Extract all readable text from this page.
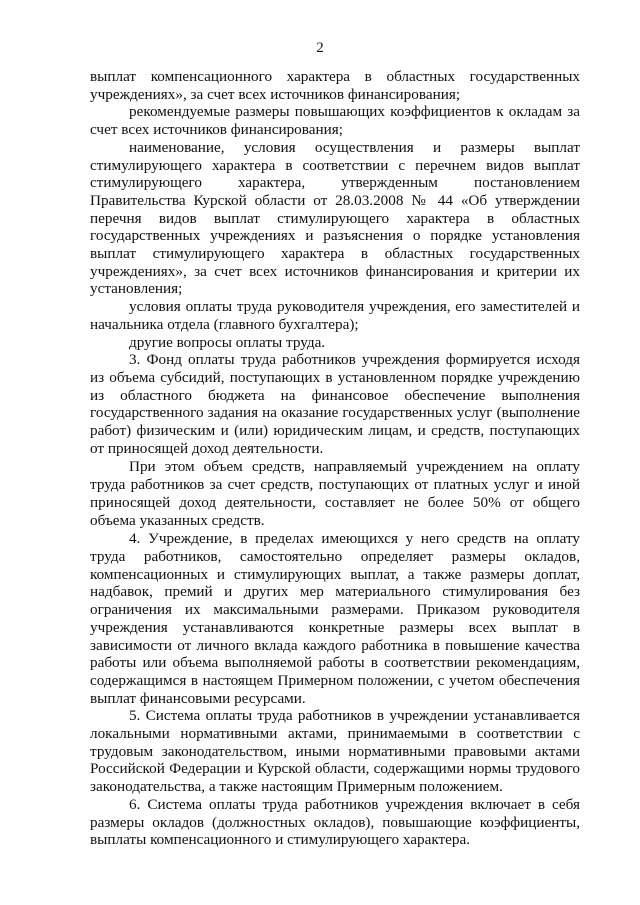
2

выплат компенсационного характера в областных государственных учреждениях», за счет всех источников финансирования;

рекомендуемые размеры повышающих коэффициентов к окладам за счет всех источников финансирования;

наименование, условия осуществления и размеры выплат стимулирующего характера в соответствии с перечнем видов выплат стимулирующего характера, утвержденным постановлением Правительства Курской области от 28.03.2008 № 44 «Об утверждении перечня видов выплат стимулирующего характера в областных государственных учреждениях и разъяснения о порядке установления выплат стимулирующего характера в областных государственных учреждениях», за счет всех источников финансирования и критерии их установления;

условия оплаты труда руководителя учреждения, его заместителей и начальника отдела (главного бухгалтера);

другие вопросы оплаты труда.

3. Фонд оплаты труда работников учреждения формируется исходя из объема субсидий, поступающих в установленном порядке учреждению из областного бюджета на финансовое обеспечение выполнения государственного задания на оказание государственных услуг (выполнение работ) физическим и (или) юридическим лицам, и средств, поступающих от приносящей доход деятельности.

При этом объем средств, направляемый учреждением на оплату труда работников за счет средств, поступающих от платных услуг и иной приносящей доход деятельности, составляет не более 50% от общего объема указанных средств.

4. Учреждение, в пределах имеющихся у него средств на оплату труда работников, самостоятельно определяет размеры окладов, компенсационных и стимулирующих выплат, а также размеры доплат, надбавок, премий и других мер материального стимулирования без ограничения их максимальными размерами. Приказом руководителя учреждения устанавливаются конкретные размеры всех выплат в зависимости от личного вклада каждого работника в повышение качества работы или объема выполняемой работы в соответствии рекомендациям, содержащимся в настоящем Примерном положении, с учетом обеспечения выплат финансовыми ресурсами.

5. Система оплаты труда работников в учреждении устанавливается локальными нормативными актами, принимаемыми в соответствии с трудовым законодательством, иными нормативными правовыми актами Российской Федерации и Курской области, содержащими нормы трудового законодательства, а также настоящим Примерным положением.

6. Система оплаты труда работников учреждения включает в себя размеры окладов (должностных окладов), повышающие коэффициенты, выплаты компенсационного и стимулирующего характера.
